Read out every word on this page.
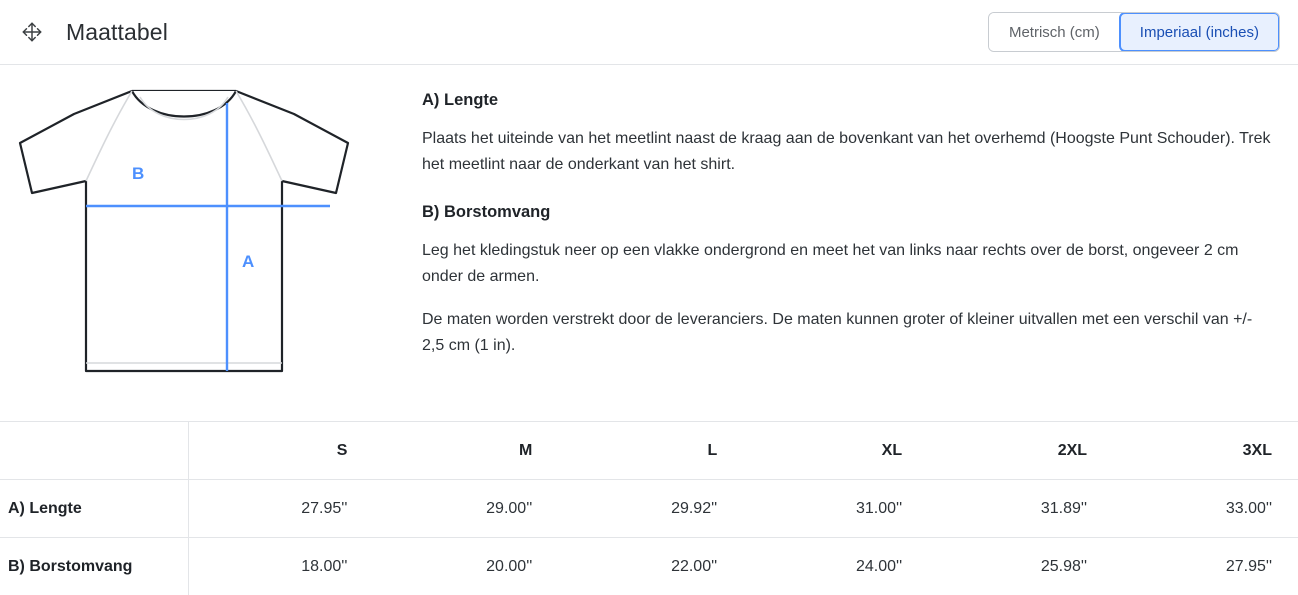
Maattabel	Metrisch (cm)	Imperiaal (inches)
B
A
A) Lengte

Plaats het uiteinde van het meetlint naast de kraag aan de bovenkant van het overhemd (Hoogste Punt Schouder). Trek het meetlint naar de onderkant van het shirt.

B) Borstomvang

Leg het kledingstuk neer op een vlakke ondergrond en meet het van links naar rechts over de borst, ongeveer 2 cm onder de armen.

De maten worden verstrekt door de leveranciers. De maten kunnen groter of kleiner uitvallen met een verschil van +/- 2,5 cm (1 in).

	S	M	L	XL	2XL	3XL
A) Lengte	27.95''	29.00''	29.92''	31.00''	31.89''	33.00''
B) Borstomvang	18.00''	20.00''	22.00''	24.00''	25.98''	27.95''
